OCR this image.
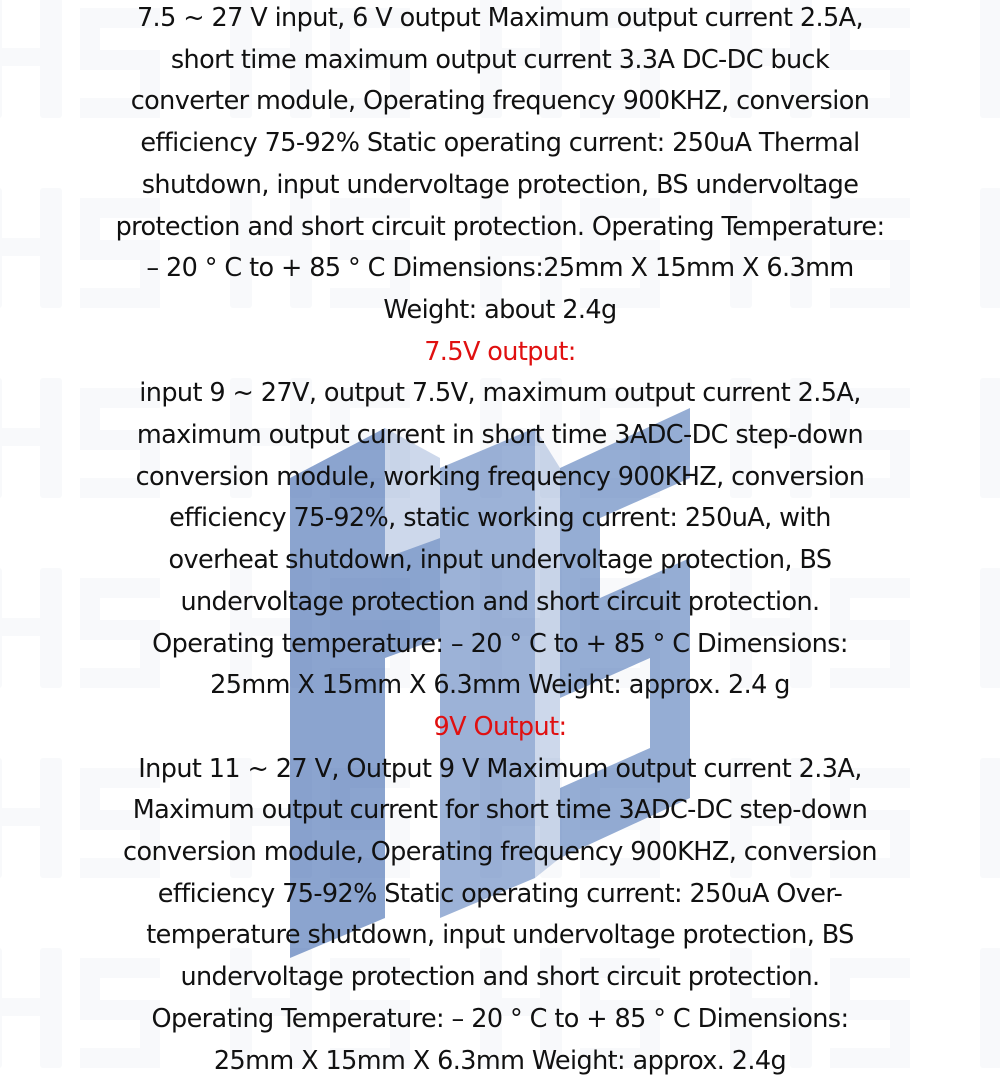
7.5 ~ 27 V input, 6 V output Maximum output current 2.5A,

short time maximum output current 3.3A DC-DC buck

converter module, Operating frequency 900KHZ, conversion

efficiency 75-92% Static operating current: 250uA Thermal

shutdown, input undervoltage protection, BS undervoltage

protection and short circuit protection. Operating Temperature:

– 20 ° C to + 85 ° C Dimensions:25mm X 15mm X 6.3mm

Weight: about 2.4g

7.5V output:

input 9 ~ 27V, output 7.5V, maximum output current 2.5A,

maximum output current in short time 3ADC-DC step-down

conversion module, working frequency 900KHZ, conversion

efficiency 75-92%, static working current: 250uA, with

overheat shutdown, input undervoltage protection, BS

undervoltage protection and short circuit protection.

Operating temperature: – 20 ° C to + 85 ° C Dimensions:

25mm X 15mm X 6.3mm Weight: approx. 2.4 g

9V Output:

Input 11 ~ 27 V, Output 9 V Maximum output current 2.3A,

Maximum output current for short time 3ADC-DC step-down

conversion module, Operating frequency 900KHZ, conversion

efficiency 75-92% Static operating current: 250uA Over-

temperature shutdown, input undervoltage protection, BS

undervoltage protection and short circuit protection.

Operating Temperature: – 20 ° C to + 85 ° C Dimensions:

25mm X 15mm X 6.3mm Weight: approx. 2.4g
